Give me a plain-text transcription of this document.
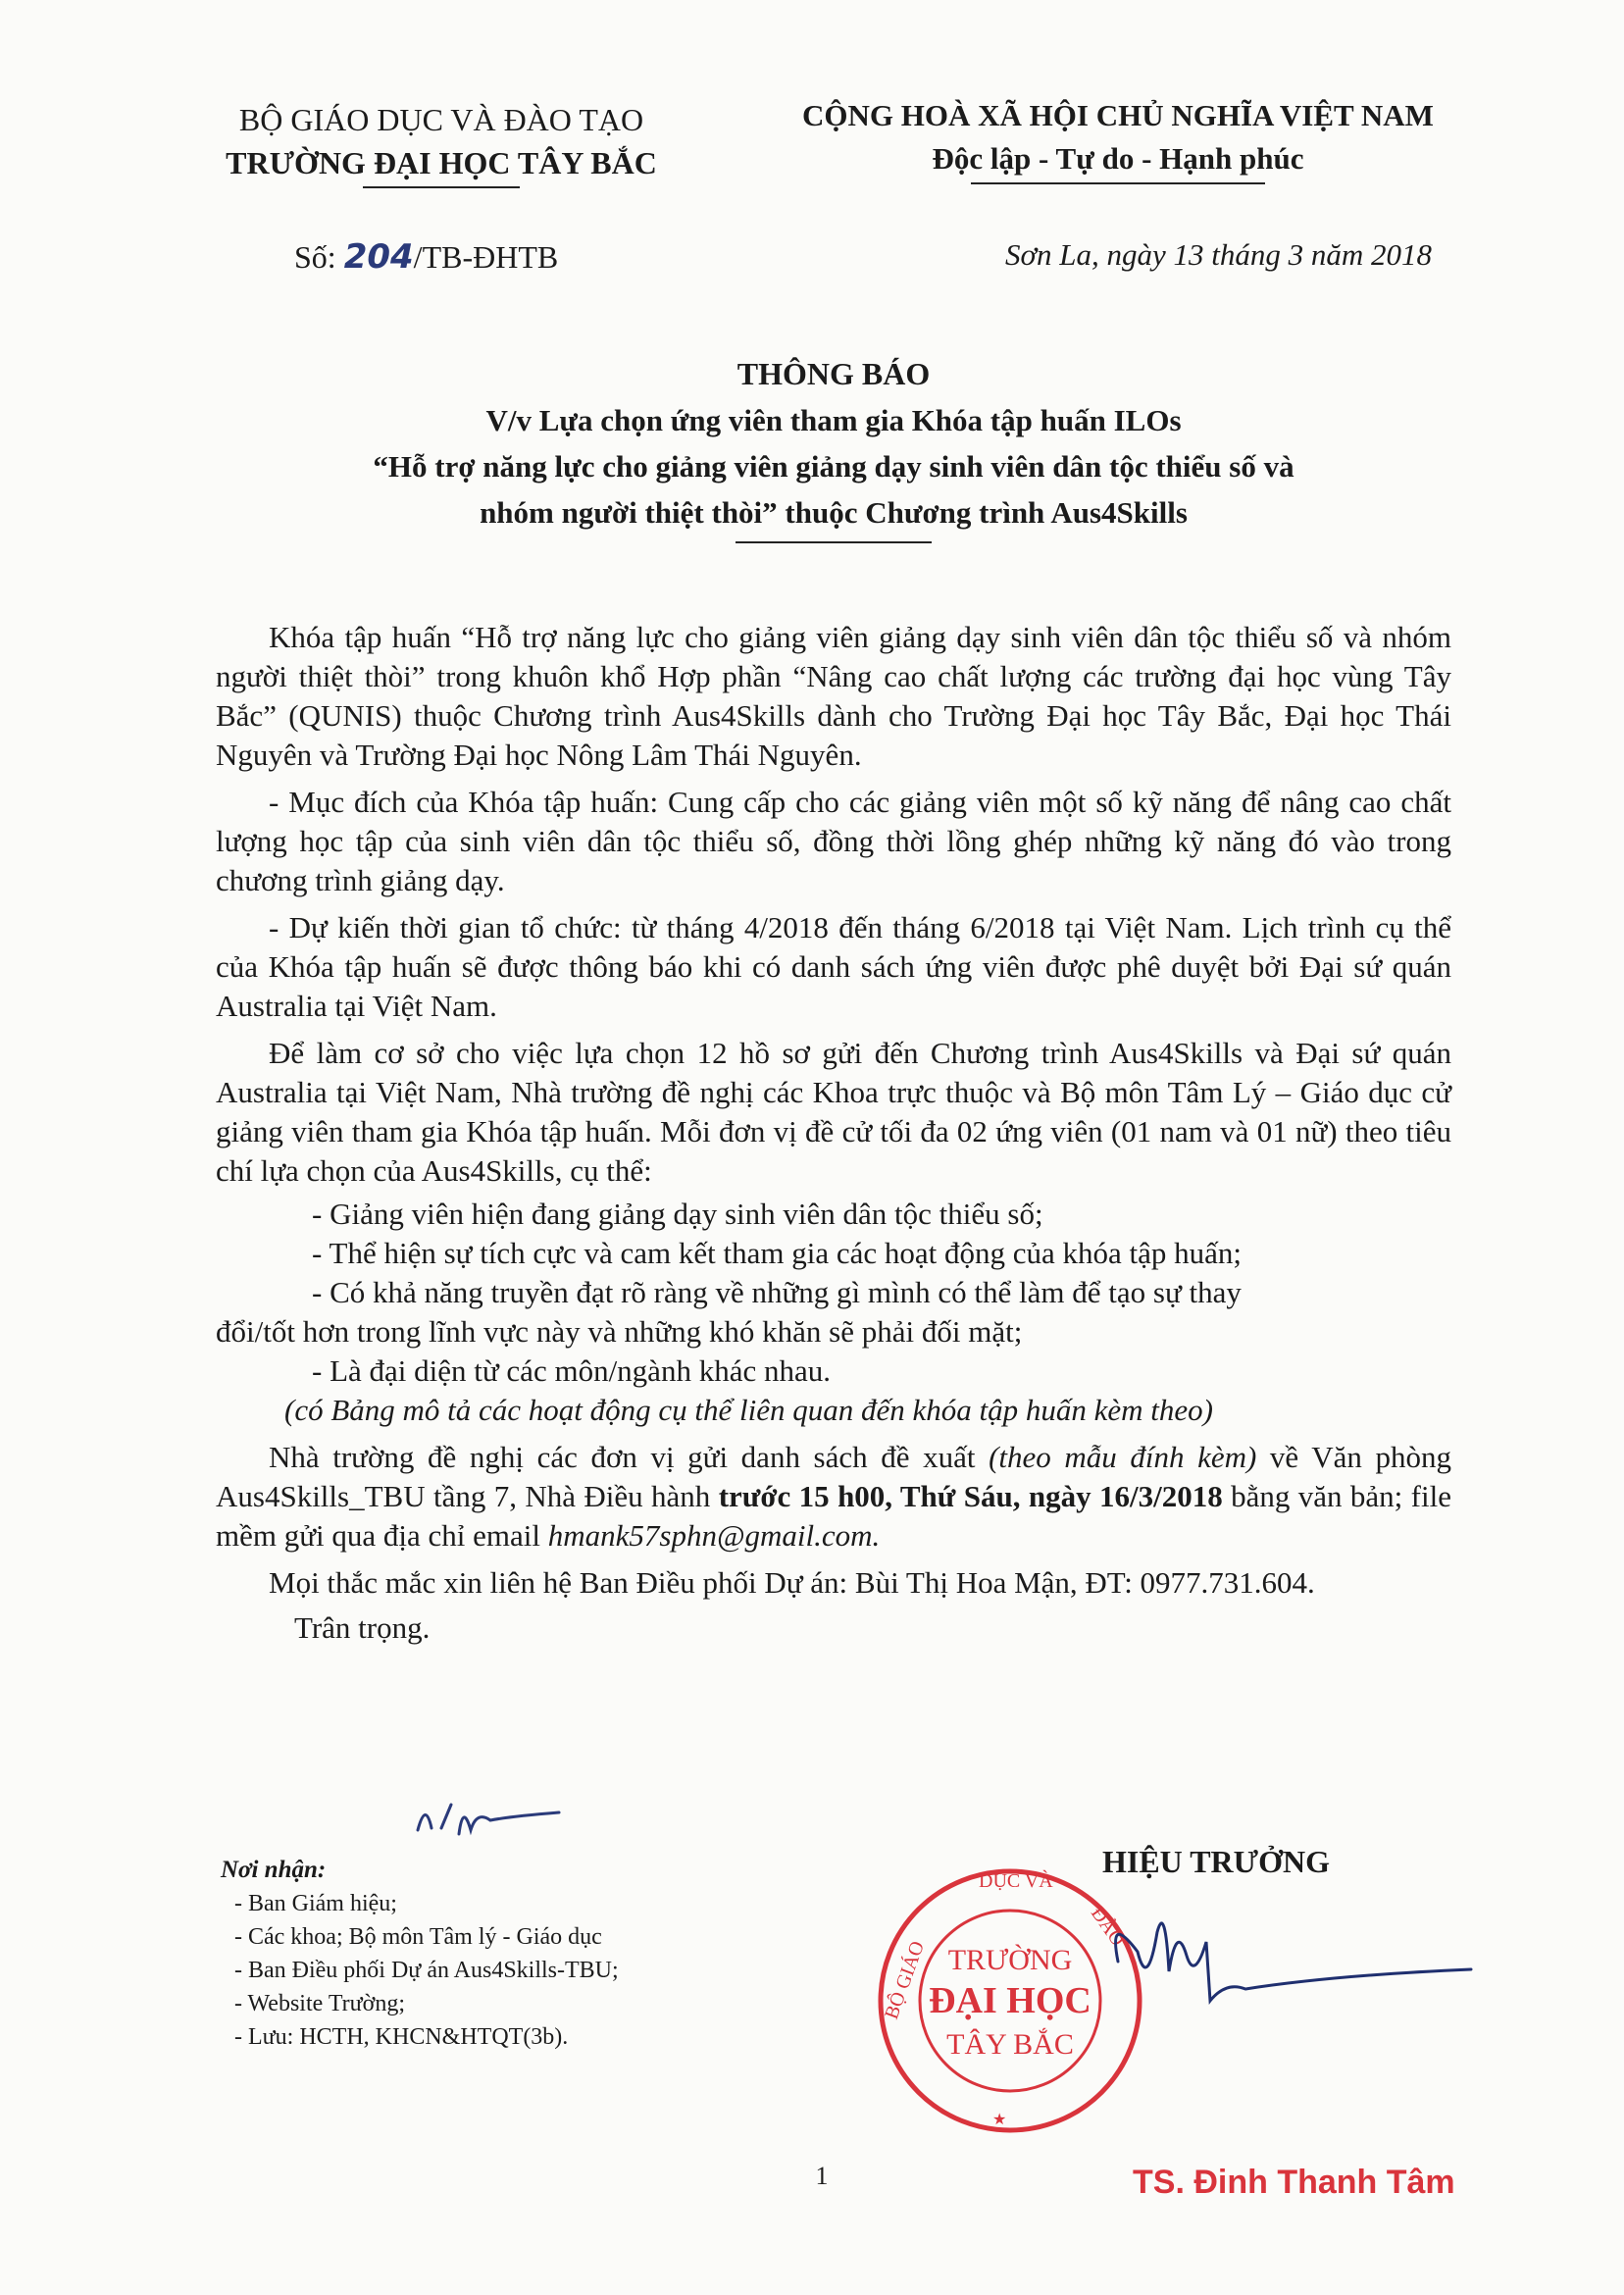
BỘ GIÁO DỤC VÀ ĐÀO TẠO
TRƯỜNG ĐẠI HỌC TÂY BẮC
CỘNG HOÀ XÃ HỘI CHỦ NGHĨA VIỆT NAM
Độc lập - Tự do - Hạnh phúc
Số: 204/TB-ĐHTB	Sơn La, ngày 13 tháng 3 năm 2018
THÔNG BÁO
V/v Lựa chọn ứng viên tham gia Khóa tập huấn ILOs
“Hỗ trợ năng lực cho giảng viên giảng dạy sinh viên dân tộc thiểu số và
nhóm người thiệt thòi” thuộc Chương trình Aus4Skills

Khóa tập huấn “Hỗ trợ năng lực cho giảng viên giảng dạy sinh viên dân tộc thiểu số và nhóm người thiệt thòi” trong khuôn khổ Hợp phần “Nâng cao chất lượng các trường đại học vùng Tây Bắc” (QUNIS) thuộc Chương trình Aus4Skills dành cho Trường Đại học Tây Bắc, Đại học Thái Nguyên và Trường Đại học Nông Lâm Thái Nguyên.

- Mục đích của Khóa tập huấn: Cung cấp cho các giảng viên một số kỹ năng để nâng cao chất lượng học tập của sinh viên dân tộc thiểu số, đồng thời lồng ghép những kỹ năng đó vào trong chương trình giảng dạy.

- Dự kiến thời gian tổ chức: từ tháng 4/2018 đến tháng 6/2018 tại Việt Nam. Lịch trình cụ thể của Khóa tập huấn sẽ được thông báo khi có danh sách ứng viên được phê duyệt bởi Đại sứ quán Australia tại Việt Nam.

Để làm cơ sở cho việc lựa chọn 12 hồ sơ gửi đến Chương trình Aus4Skills và Đại sứ quán Australia tại Việt Nam, Nhà trường đề nghị các Khoa trực thuộc và Bộ môn Tâm Lý – Giáo dục cử giảng viên tham gia Khóa tập huấn. Mỗi đơn vị đề cử tối đa 02 ứng viên (01 nam và 01 nữ) theo tiêu chí lựa chọn của Aus4Skills, cụ thể:

- Giảng viên hiện đang giảng dạy sinh viên dân tộc thiểu số;
- Thể hiện sự tích cực và cam kết tham gia các hoạt động của khóa tập huấn;
- Có khả năng truyền đạt rõ ràng về những gì mình có thể làm để tạo sự thay
đổi/tốt hơn trong lĩnh vực này và những khó khăn sẽ phải đối mặt;
- Là đại diện từ các môn/ngành khác nhau.
(có Bảng mô tả các hoạt động cụ thể liên quan đến khóa tập huấn kèm theo)

Nhà trường đề nghị các đơn vị gửi danh sách đề xuất (theo mẫu đính kèm) về Văn phòng Aus4Skills_TBU tầng 7, Nhà Điều hành trước 15 h00, Thứ Sáu, ngày 16/3/2018 bằng văn bản; file mềm gửi qua địa chỉ email hmank57sphn@gmail.com.

Mọi thắc mắc xin liên hệ Ban Điều phối Dự án: Bùi Thị Hoa Mận, ĐT: 0977.731.604.

Trân trọng.
Nơi nhận:
- Ban Giám hiệu;
- Các khoa; Bộ môn Tâm lý - Giáo dục
- Ban Điều phối Dự án Aus4Skills-TBU;
- Website Trường;
- Lưu: HCTH, KHCN&HTQT(3b).
HIỆU TRƯỞNG
TRƯỜNG
ĐẠI HỌC
TÂY BẮC
BỘ GIÁO
DỤC VÀ
ĐÀO
★
TS. Đinh Thanh Tâm
1
